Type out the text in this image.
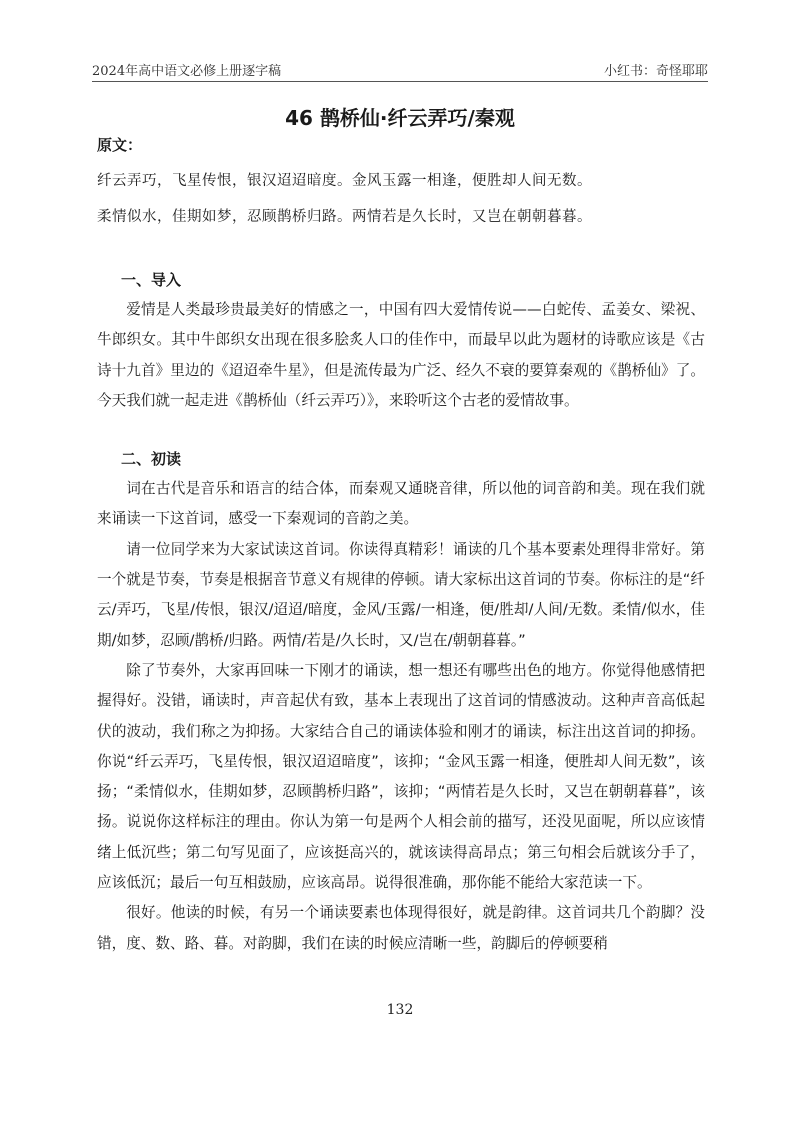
2024年高中语文必修上册逐字稿	小红书：奇怪耶耶
46 鹊桥仙·纤云弄巧/秦观
原文：

纤云弄巧，飞星传恨，银汉迢迢暗度。金风玉露一相逢，便胜却人间无数。

柔情似水，佳期如梦，忍顾鹊桥归路。两情若是久长时，又岂在朝朝暮暮。

一、导入

爱情是人类最珍贵最美好的情感之一，中国有四大爱情传说——白蛇传、孟姜女、梁祝、牛郎织女。其中牛郎织女出现在很多脍炙人口的佳作中，而最早以此为题材的诗歌应该是《古诗十九首》里边的《迢迢牵牛星》，但是流传最为广泛、经久不衰的要算秦观的《鹊桥仙》了。今天我们就一起走进《鹊桥仙（纤云弄巧）》，来聆听这个古老的爱情故事。

二、初读

词在古代是音乐和语言的结合体，而秦观又通晓音律，所以他的词音韵和美。现在我们就来诵读一下这首词，感受一下秦观词的音韵之美。

请一位同学来为大家试读这首词。你读得真精彩！诵读的几个基本要素处理得非常好。第一个就是节奏，节奏是根据音节意义有规律的停顿。请大家标出这首词的节奏。你标注的是“纤云/弄巧，飞星/传恨，银汉/迢迢/暗度，金风/玉露/一相逢，便/胜却/人间/无数。柔情/似水，佳期/如梦，忍顾/鹊桥/归路。两情/若是/久长时，又/岂在/朝朝暮暮。”

除了节奏外，大家再回味一下刚才的诵读，想一想还有哪些出色的地方。你觉得他感情把握得好。没错，诵读时，声音起伏有致，基本上表现出了这首词的情感波动。这种声音高低起伏的波动，我们称之为抑扬。大家结合自己的诵读体验和刚才的诵读，标注出这首词的抑扬。你说“纤云弄巧，飞星传恨，银汉迢迢暗度”，该抑；“金风玉露一相逢，便胜却人间无数”，该扬；“柔情似水，佳期如梦，忍顾鹊桥归路”，该抑；“两情若是久长时，又岂在朝朝暮暮”，该扬。说说你这样标注的理由。你认为第一句是两个人相会前的描写，还没见面呢，所以应该情绪上低沉些；第二句写见面了，应该挺高兴的，就该读得高昂点；第三句相会后就该分手了，应该低沉；最后一句互相鼓励，应该高昂。说得很准确，那你能不能给大家范读一下。

很好。他读的时候，有另一个诵读要素也体现得很好，就是韵律。这首词共几个韵脚？没错，度、数、路、暮。对韵脚，我们在读的时候应清晰一些，韵脚后的停顿要稍

132
